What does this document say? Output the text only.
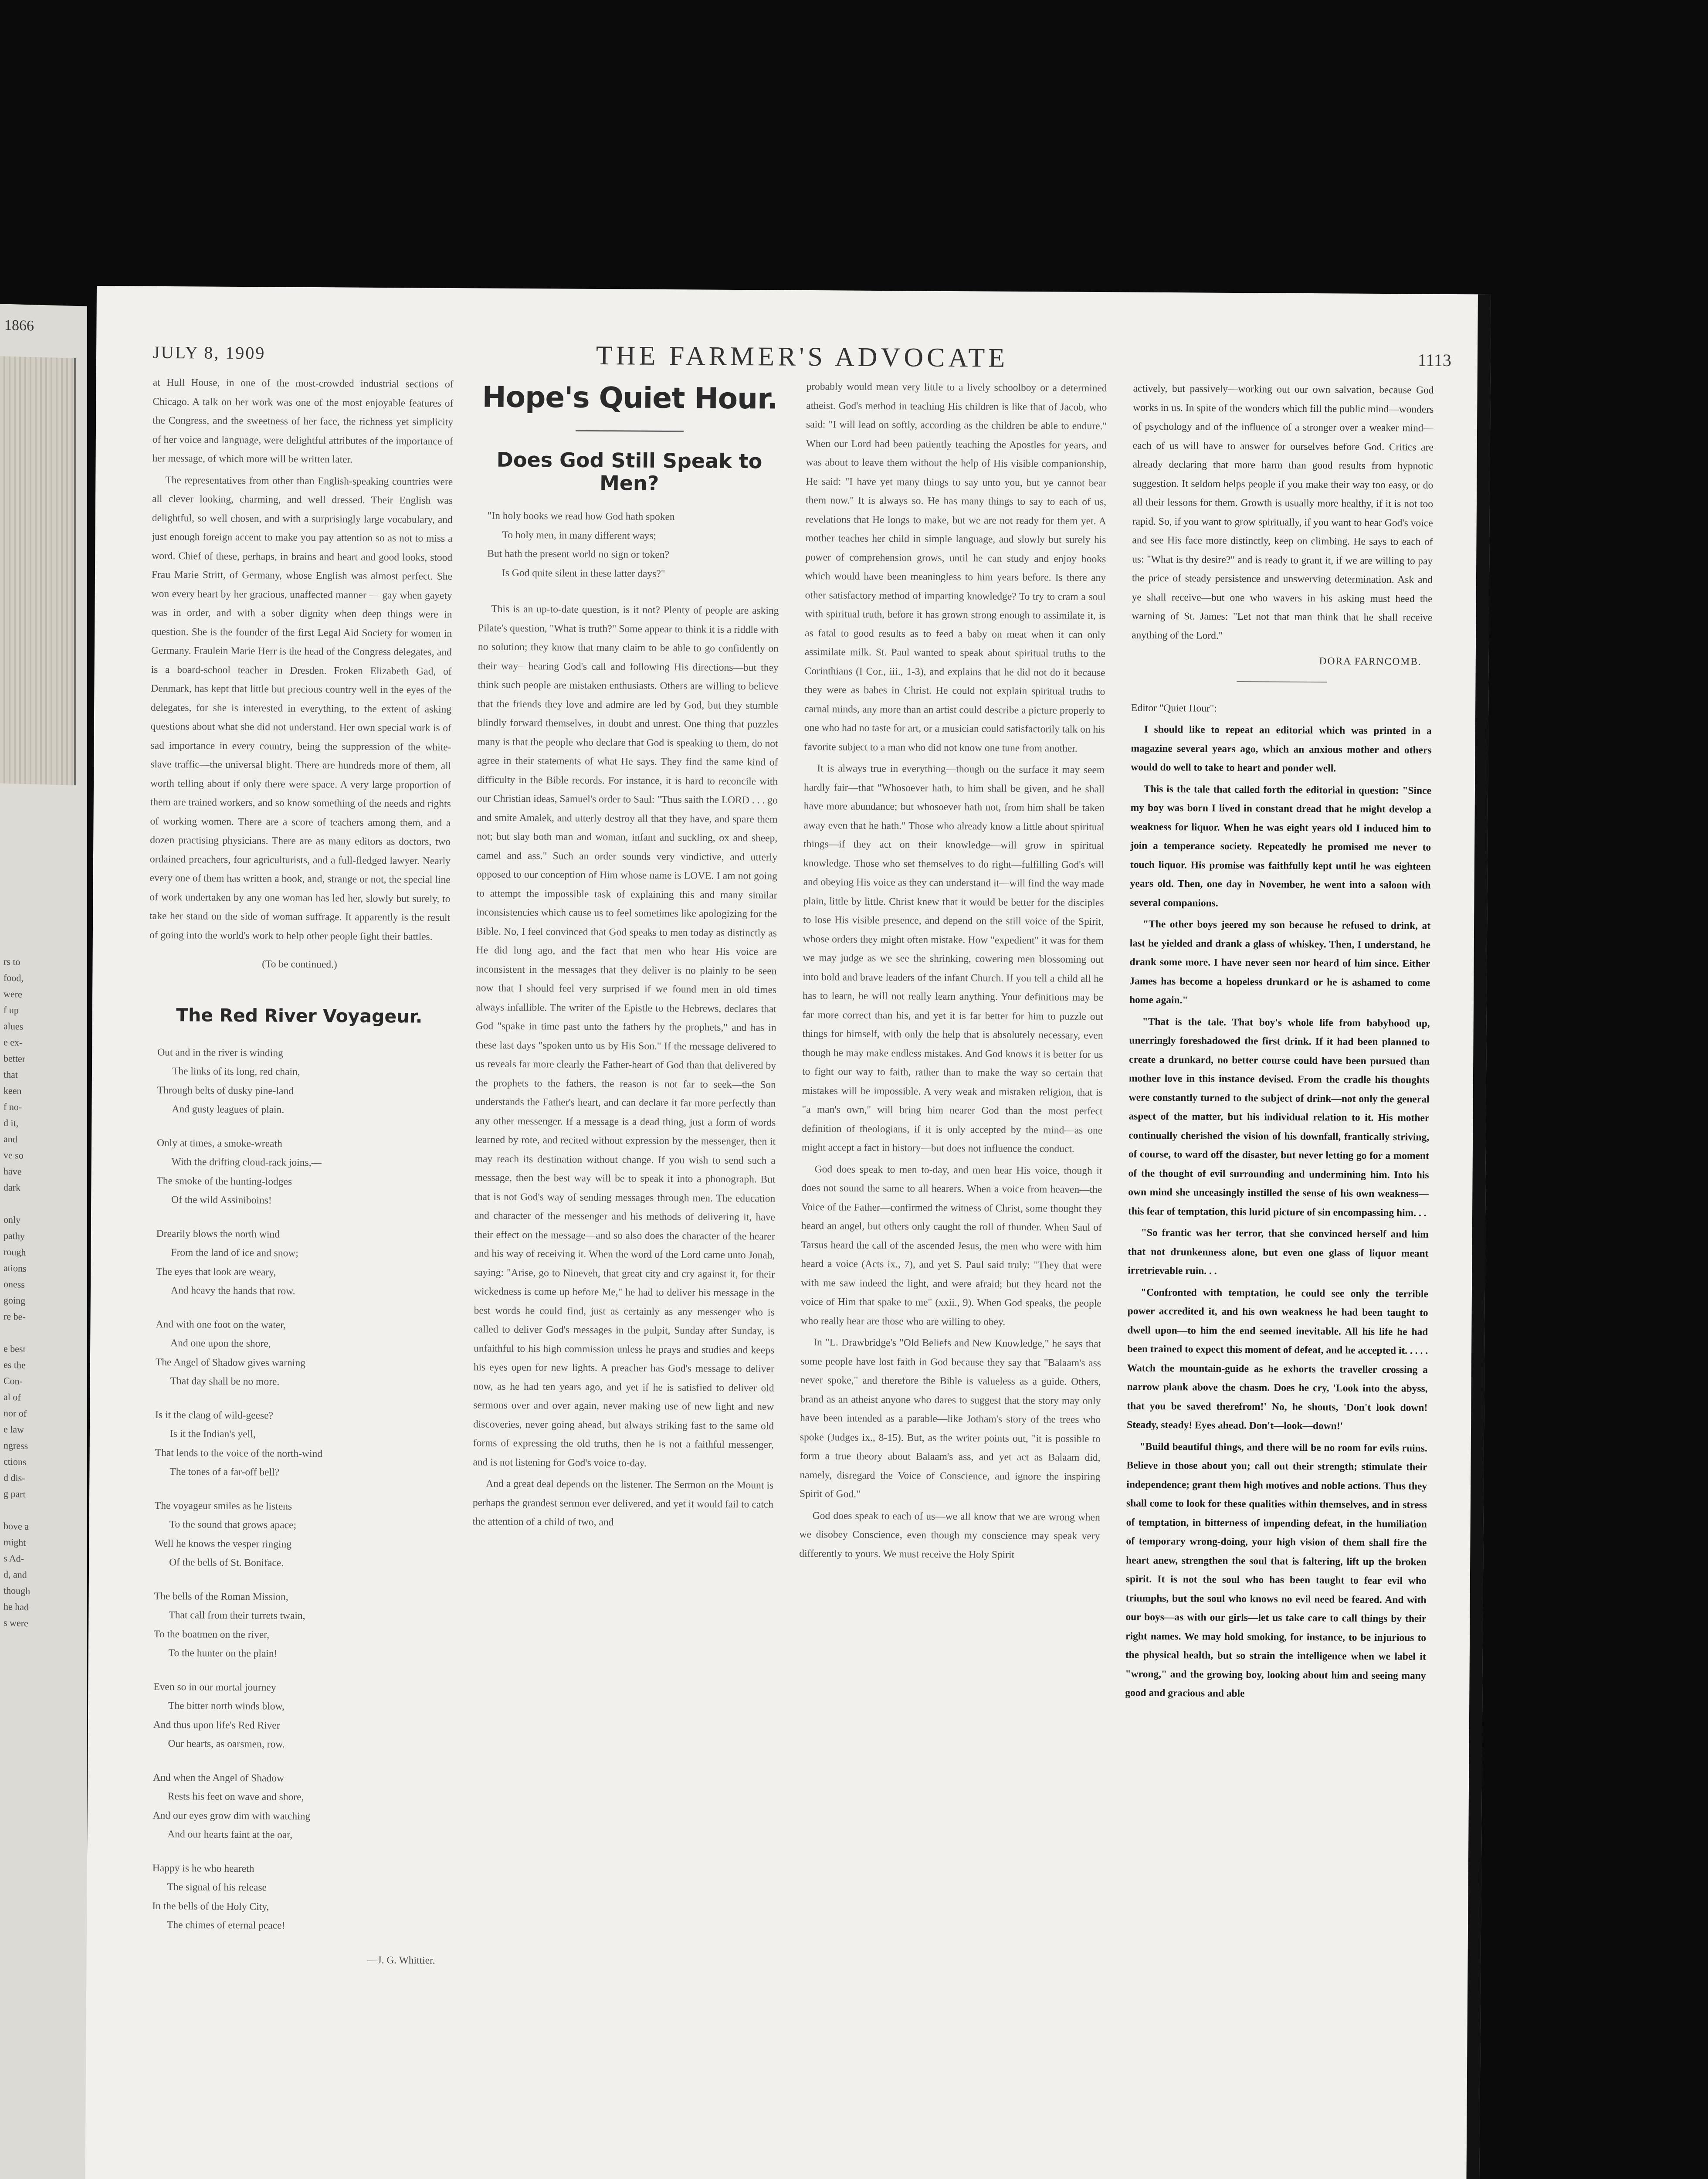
1866
rs to
food,
were
f up
alues
e ex-
better
that
keen
f no-
d it,
and
ve so
have
dark

only
pathy
rough
ations
oness
going
re be-

e best
es the
Con-
al of
nor of
e law
ngress
ctions
d dis-
g part

bove a
might
s Ad-
d, and
though
he had
s were
JULY 8, 1909	THE FARMER'S ADVOCATE	1113

at Hull House, in one of the most-crowded industrial sections of Chicago. A talk on her work was one of the most enjoyable features of the Congress, and the sweetness of her face, the richness yet simplicity of her voice and language, were delightful attributes of the importance of her message, of which more will be written later.

The representatives from other than English-speaking countries were all clever looking, charming, and well dressed. Their English was delightful, so well chosen, and with a surprisingly large vocabulary, and just enough foreign accent to make you pay attention so as not to miss a word. Chief of these, perhaps, in brains and heart and good looks, stood Frau Marie Stritt, of Germany, whose English was almost perfect. She won every heart by her gracious, unaffected manner — gay when gayety was in order, and with a sober dignity when deep things were in question. She is the founder of the first Legal Aid Society for women in Germany. Fraulein Marie Herr is the head of the Congress delegates, and is a board-school teacher in Dresden. Froken Elizabeth Gad, of Denmark, has kept that little but precious country well in the eyes of the delegates, for she is interested in everything, to the extent of asking questions about what she did not understand. Her own special work is of sad importance in every country, being the suppression of the white-slave traffic—the universal blight. There are hundreds more of them, all worth telling about if only there were space. A very large proportion of them are trained workers, and so know something of the needs and rights of working women. There are a score of teachers among them, and a dozen practising physicians. There are as many editors as doctors, two ordained preachers, four agriculturists, and a full-fledged lawyer. Nearly every one of them has written a book, and, strange or not, the special line of work undertaken by any one woman has led her, slowly but surely, to take her stand on the side of woman suffrage. It apparently is the result of going into the world's work to help other people fight their battles.

(To be continued.)
The Red River Voyageur.
Out and in the river is winding
The links of its long, red chain,
Through belts of dusky pine-land
And gusty leagues of plain.
Only at times, a smoke-wreath
With the drifting cloud-rack joins,—
The smoke of the hunting-lodges
Of the wild Assiniboins!
Drearily blows the north wind
From the land of ice and snow;
The eyes that look are weary,
And heavy the hands that row.
And with one foot on the water,
And one upon the shore,
The Angel of Shadow gives warning
That day shall be no more.
Is it the clang of wild-geese?
Is it the Indian's yell,
That lends to the voice of the north-wind
The tones of a far-off bell?
The voyageur smiles as he listens
To the sound that grows apace;
Well he knows the vesper ringing
Of the bells of St. Boniface.
The bells of the Roman Mission,
That call from their turrets twain,
To the boatmen on the river,
To the hunter on the plain!
Even so in our mortal journey
The bitter north winds blow,
And thus upon life's Red River
Our hearts, as oarsmen, row.
And when the Angel of Shadow
Rests his feet on wave and shore,
And our eyes grow dim with watching
And our hearts faint at the oar,
Happy is he who heareth
The signal of his release
In the bells of the Holy City,
The chimes of eternal peace!
—J. G. Whittier.
Hope's Quiet Hour.
Does God Still Speak to Men?
"In holy books we read how God hath spoken
To holy men, in many different ways;
But hath the present world no sign or token?
Is God quite silent in these latter days?"

This is an up-to-date question, is it not? Plenty of people are asking Pilate's question, "What is truth?" Some appear to think it is a riddle with no solution; they know that many claim to be able to go confidently on their way—hearing God's call and following His directions—but they think such people are mistaken enthusiasts. Others are willing to believe that the friends they love and admire are led by God, but they stumble blindly forward themselves, in doubt and unrest. One thing that puzzles many is that the people who declare that God is speaking to them, do not agree in their statements of what He says. They find the same kind of difficulty in the Bible records. For instance, it is hard to reconcile with our Christian ideas, Samuel's order to Saul: "Thus saith the LORD . . . go and smite Amalek, and utterly destroy all that they have, and spare them not; but slay both man and woman, infant and suckling, ox and sheep, camel and ass." Such an order sounds very vindictive, and utterly opposed to our conception of Him whose name is LOVE. I am not going to attempt the impossible task of explaining this and many similar inconsistencies which cause us to feel sometimes like apologizing for the Bible. No, I feel convinced that God speaks to men today as distinctly as He did long ago, and the fact that men who hear His voice are inconsistent in the messages that they deliver is no plainly to be seen now that I should feel very surprised if we found men in old times always infallible. The writer of the Epistle to the Hebrews, declares that God "spake in time past unto the fathers by the prophets," and has in these last days "spoken unto us by His Son." If the message delivered to us reveals far more clearly the Father-heart of God than that delivered by the prophets to the fathers, the reason is not far to seek—the Son understands the Father's heart, and can declare it far more perfectly than any other messenger. If a message is a dead thing, just a form of words learned by rote, and recited without expression by the messenger, then it may reach its destination without change. If you wish to send such a message, then the best way will be to speak it into a phonograph. But that is not God's way of sending messages through men. The education and character of the messenger and his methods of delivering it, have their effect on the message—and so also does the character of the hearer and his way of receiving it. When the word of the Lord came unto Jonah, saying: "Arise, go to Nineveh, that great city and cry against it, for their wickedness is come up before Me," he had to deliver his message in the best words he could find, just as certainly as any messenger who is called to deliver God's messages in the pulpit, Sunday after Sunday, is unfaithful to his high commission unless he prays and studies and keeps his eyes open for new lights. A preacher has God's message to deliver now, as he had ten years ago, and yet if he is satisfied to deliver old sermons over and over again, never making use of new light and new discoveries, never going ahead, but always striking fast to the same old forms of expressing the old truths, then he is not a faithful messenger, and is not listening for God's voice to-day.

And a great deal depends on the listener. The Sermon on the Mount is perhaps the grandest sermon ever delivered, and yet it would fail to catch the attention of a child of two, and

probably would mean very little to a lively schoolboy or a determined atheist. God's method in teaching His children is like that of Jacob, who said: "I will lead on softly, according as the children be able to endure." When our Lord had been patiently teaching the Apostles for years, and was about to leave them without the help of His visible companionship, He said: "I have yet many things to say unto you, but ye cannot bear them now." It is always so. He has many things to say to each of us, revelations that He longs to make, but we are not ready for them yet. A mother teaches her child in simple language, and slowly but surely his power of comprehension grows, until he can study and enjoy books which would have been meaningless to him years before. Is there any other satisfactory method of imparting knowledge? To try to cram a soul with spiritual truth, before it has grown strong enough to assimilate it, is as fatal to good results as to feed a baby on meat when it can only assimilate milk. St. Paul wanted to speak about spiritual truths to the Corinthians (I Cor., iii., 1-3), and explains that he did not do it because they were as babes in Christ. He could not explain spiritual truths to carnal minds, any more than an artist could describe a picture properly to one who had no taste for art, or a musician could satisfactorily talk on his favorite subject to a man who did not know one tune from another.

It is always true in everything—though on the surface it may seem hardly fair—that "Whosoever hath, to him shall be given, and he shall have more abundance; but whosoever hath not, from him shall be taken away even that he hath." Those who already know a little about spiritual things—if they act on their knowledge—will grow in spiritual knowledge. Those who set themselves to do right—fulfilling God's will and obeying His voice as they can understand it—will find the way made plain, little by little. Christ knew that it would be better for the disciples to lose His visible presence, and depend on the still voice of the Spirit, whose orders they might often mistake. How "expedient" it was for them we may judge as we see the shrinking, cowering men blossoming out into bold and brave leaders of the infant Church. If you tell a child all he has to learn, he will not really learn anything. Your definitions may be far more correct than his, and yet it is far better for him to puzzle out things for himself, with only the help that is absolutely necessary, even though he may make endless mistakes. And God knows it is better for us to fight our way to faith, rather than to make the way so certain that mistakes will be impossible. A very weak and mistaken religion, that is "a man's own," will bring him nearer God than the most perfect definition of theologians, if it is only accepted by the mind—as one might accept a fact in history—but does not influence the conduct.

God does speak to men to-day, and men hear His voice, though it does not sound the same to all hearers. When a voice from heaven—the Voice of the Father—confirmed the witness of Christ, some thought they heard an angel, but others only caught the roll of thunder. When Saul of Tarsus heard the call of the ascended Jesus, the men who were with him heard a voice (Acts ix., 7), and yet S. Paul said truly: "They that were with me saw indeed the light, and were afraid; but they heard not the voice of Him that spake to me" (xxii., 9). When God speaks, the people who really hear are those who are willing to obey.

In "L. Drawbridge's "Old Beliefs and New Knowledge," he says that some people have lost faith in God because they say that "Balaam's ass never spoke," and therefore the Bible is valueless as a guide. Others, brand as an atheist anyone who dares to suggest that the story may only have been intended as a parable—like Jotham's story of the trees who spoke (Judges ix., 8-15). But, as the writer points out, "it is possible to form a true theory about Balaam's ass, and yet act as Balaam did, namely, disregard the Voice of Conscience, and ignore the inspiring Spirit of God."

God does speak to each of us—we all know that we are wrong when we disobey Conscience, even though my conscience may speak very differently to yours. We must receive the Holy Spirit

actively, but passively—working out our own salvation, because God works in us. In spite of the wonders which fill the public mind—wonders of psychology and of the influence of a stronger over a weaker mind—each of us will have to answer for ourselves before God. Critics are already declaring that more harm than good results from hypnotic suggestion. It seldom helps people if you make their way too easy, or do all their lessons for them. Growth is usually more healthy, if it is not too rapid. So, if you want to grow spiritually, if you want to hear God's voice and see His face more distinctly, keep on climbing. He says to each of us: "What is thy desire?" and is ready to grant it, if we are willing to pay the price of steady persistence and unswerving determination. Ask and ye shall receive—but one who wavers in his asking must heed the warning of St. James: "Let not that man think that he shall receive anything of the Lord."

DORA FARNCOMB.

Editor "Quiet Hour":

I should like to repeat an editorial which was printed in a magazine several years ago, which an anxious mother and others would do well to take to heart and ponder well.

This is the tale that called forth the editorial in question: "Since my boy was born I lived in constant dread that he might develop a weakness for liquor. When he was eight years old I induced him to join a temperance society. Repeatedly he promised me never to touch liquor. His promise was faithfully kept until he was eighteen years old. Then, one day in November, he went into a saloon with several companions.

"The other boys jeered my son because he refused to drink, at last he yielded and drank a glass of whiskey. Then, I understand, he drank some more. I have never seen nor heard of him since. Either James has become a hopeless drunkard or he is ashamed to come home again."

"That is the tale. That boy's whole life from babyhood up, unerringly foreshadowed the first drink. If it had been planned to create a drunkard, no better course could have been pursued than mother love in this instance devised. From the cradle his thoughts were constantly turned to the subject of drink—not only the general aspect of the matter, but his individual relation to it. His mother continually cherished the vision of his downfall, frantically striving, of course, to ward off the disaster, but never letting go for a moment of the thought of evil surrounding and undermining him. Into his own mind she unceasingly instilled the sense of his own weakness—this fear of temptation, this lurid picture of sin encompassing him. . .

"So frantic was her terror, that she convinced herself and him that not drunkenness alone, but even one glass of liquor meant irretrievable ruin. . .

"Confronted with temptation, he could see only the terrible power accredited it, and his own weakness he had been taught to dwell upon—to him the end seemed inevitable. All his life he had been trained to expect this moment of defeat, and he accepted it. . . . . Watch the mountain-guide as he exhorts the traveller crossing a narrow plank above the chasm. Does he cry, 'Look into the abyss, that you be saved therefrom!' No, he shouts, 'Don't look down! Steady, steady! Eyes ahead. Don't—look—down!'

"Build beautiful things, and there will be no room for evils ruins. Believe in those about you; call out their strength; stimulate their independence; grant them high motives and noble actions. Thus they shall come to look for these qualities within themselves, and in stress of temptation, in bitterness of impending defeat, in the humiliation of temporary wrong-doing, your high vision of them shall fire the heart anew, strengthen the soul that is faltering, lift up the broken spirit. It is not the soul who has been taught to fear evil who triumphs, but the soul who knows no evil need be feared. And with our boys—as with our girls—let us take care to call things by their right names. We may hold smoking, for instance, to be injurious to the physical health, but so strain the intelligence when we label it "wrong," and the growing boy, looking about him and seeing many good and gracious and able
